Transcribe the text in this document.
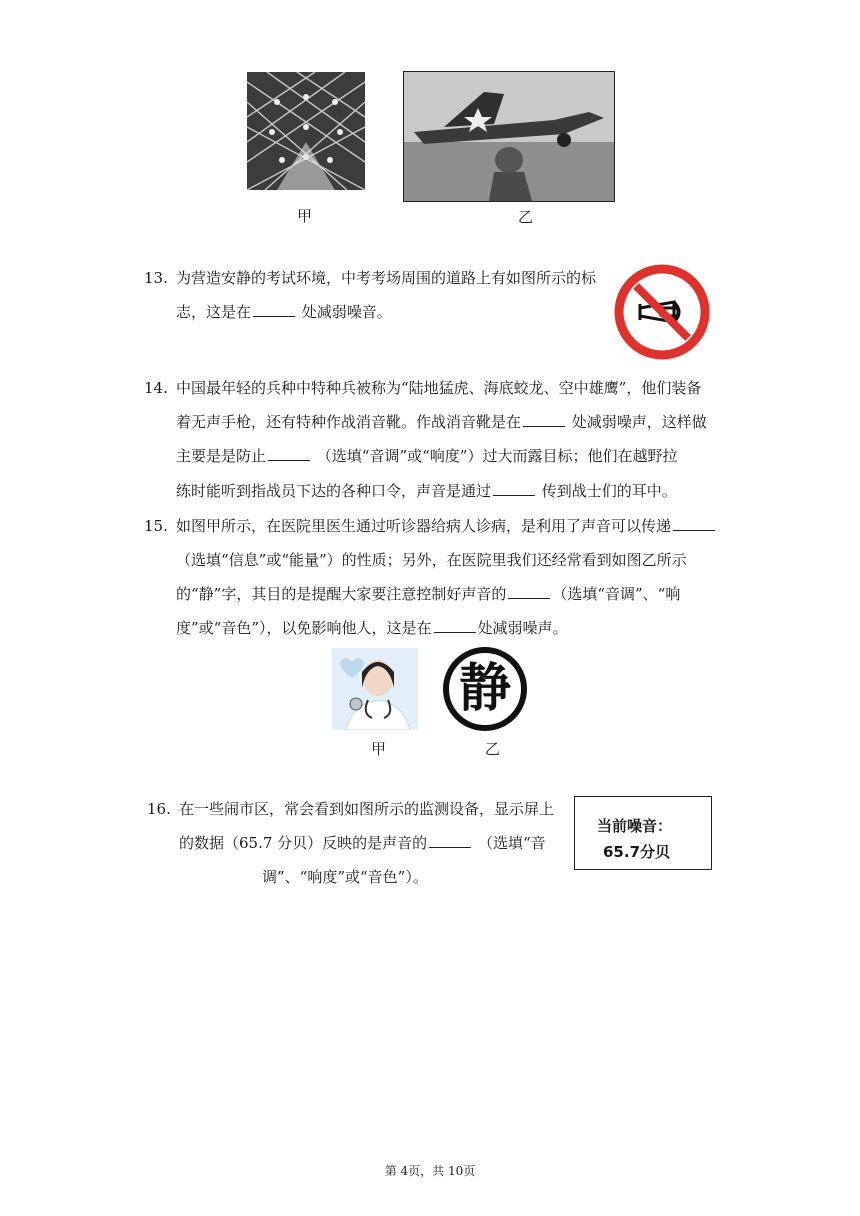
甲	乙
13. 为营造安静的考试环境，中考考场周围的道路上有如图所示的标
志，这是在	处减弱噪音。
14. 中国最年轻的兵种中特种兵被称为“陆地猛虎、海底蛟龙、空中雄鹰”，他们装备
着无声手枪，还有特种作战消音靴。作战消音靴是在	处减弱噪声，这样做
主要是是防止	（选填“音调”或“响度”）过大而露目标；他们在越野拉
练时能听到指战员下达的各种口令，声音是通过	传到战士们的耳中。
15. 如图甲所示，在医院里医生通过听诊器给病人诊病，是利用了声音可以传递
（选填“信息”或“能量”）的性质；另外，在医院里我们还经常看到如图乙所示
的“静”字，其目的是提醒大家要注意控制好声音的	（选填“音调”、“响
度”或“音色”），以免影响他人，这是在	处减弱噪声。
静
甲	乙
16. 在一些闹市区，常会看到如图所示的监测设备，显示屏上
的数据（65.7 分贝）反映的是声音的	（选填“音
调”、“响度”或“音色”）。
当前噪音：
65.7分贝
第 4页，共 10页
